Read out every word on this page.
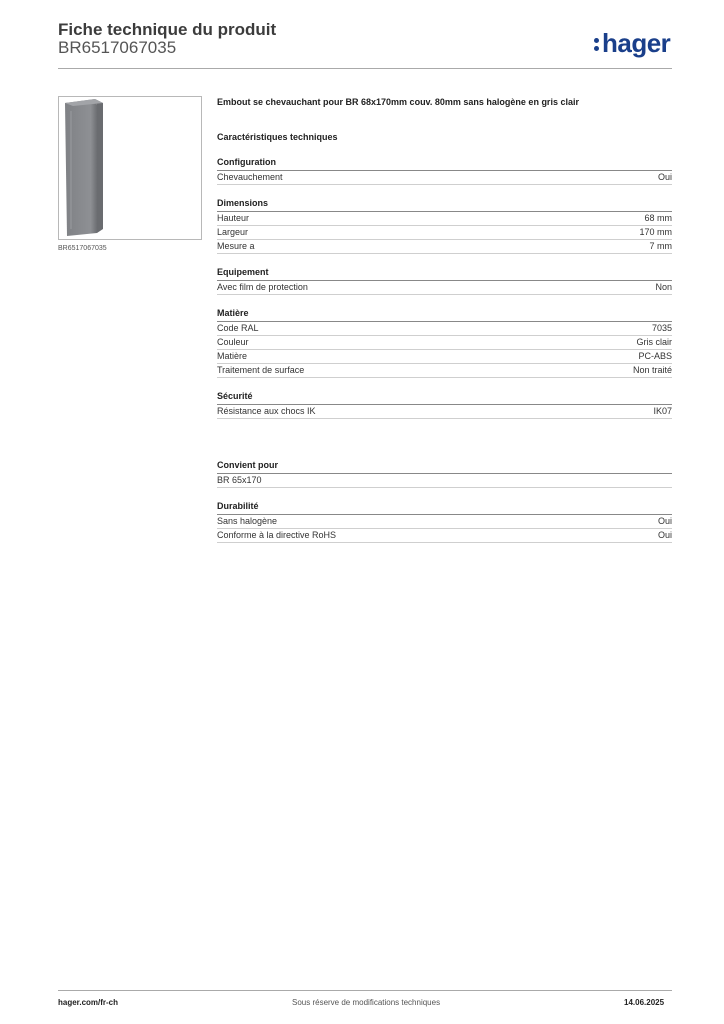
Fiche technique du produit
BR6517067035	hager
BR6517067035
Embout se chevauchant pour BR 68x170mm couv. 80mm sans halogène en gris clair
Caractéristiques techniques
Configuration
Chevauchement	Oui
Dimensions
Hauteur	68 mm
Largeur	170 mm
Mesure a	7 mm
Equipement
Avec film de protection	Non
Matière
Code RAL	7035
Couleur	Gris clair
Matière	PC-ABS
Traitement de surface	Non traité
Sécurité
Résistance aux chocs IK	IK07
Convient pour
BR 65x170
Durabilité
Sans halogène	Oui
Conforme à la directive RoHS	Oui
hager.com/fr-ch	Sous réserve de modifications techniques	14.06.2025
